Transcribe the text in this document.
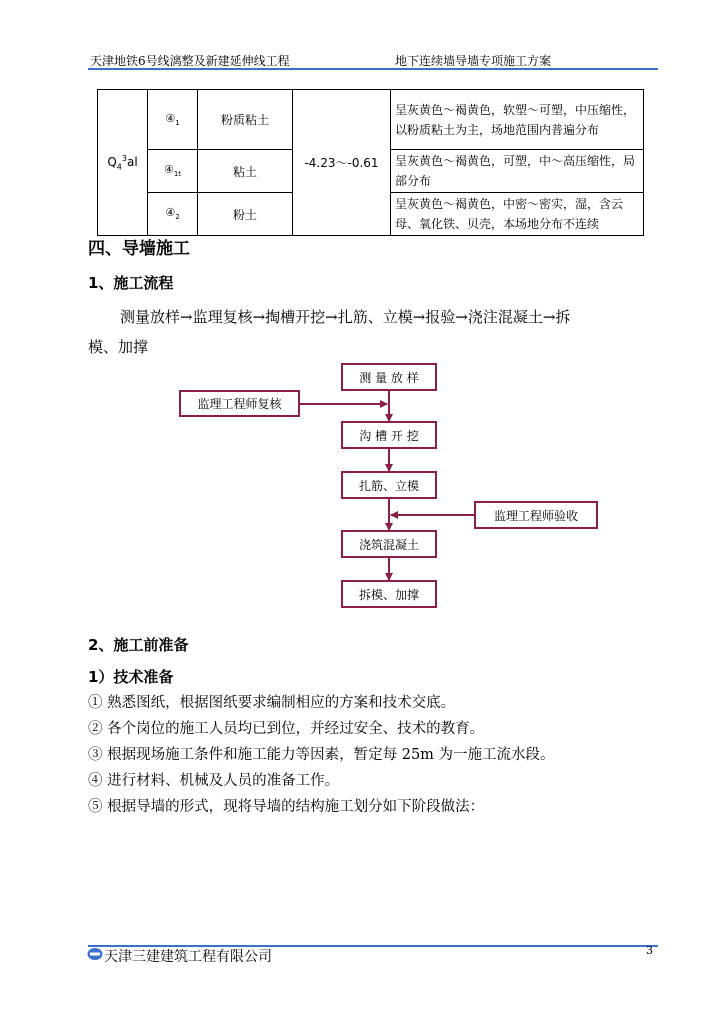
天津地铁6号线漓整及新建延伸线工程	地下连续墙导墙专项施工方案
$Q_4^3al$	$④_1$	粉质粘土	-4.23～-0.61	呈灰黄色～褐黄色，软塑～可塑，中压缩性，以粉质粘土为主，场地范围内普遍分布
	$④_{1t}$	粘土		呈灰黄色～褐黄色，可塑，中～高压缩性，局部分布
	$④_2$	粉土		呈灰黄色～褐黄色，中密～密实，湿，含云母、氧化铁、贝壳，本场地分布不连续
四、导墙施工
1、施工流程
测量放样→监理复核→掏槽开挖→扎筋、立模→报验→浇注混凝土→拆
模、加撑
测 量 放 样
监理工程师复核
沟 槽 开 挖
扎筋、立模
监理工程师验收
浇筑混凝土
拆模、加撑
2、施工前准备
1）技术准备
① 熟悉图纸，根据图纸要求编制相应的方案和技术交底。
② 各个岗位的施工人员均已到位，并经过安全、技术的教育。
③ 根据现场施工条件和施工能力等因素，暂定每 25m 为一施工流水段。
④ 进行材料、机械及人员的准备工作。
⑤ 根据导墙的形式，现将导墙的结构施工划分如下阶段做法：
天津三建建筑工程有限公司	3
